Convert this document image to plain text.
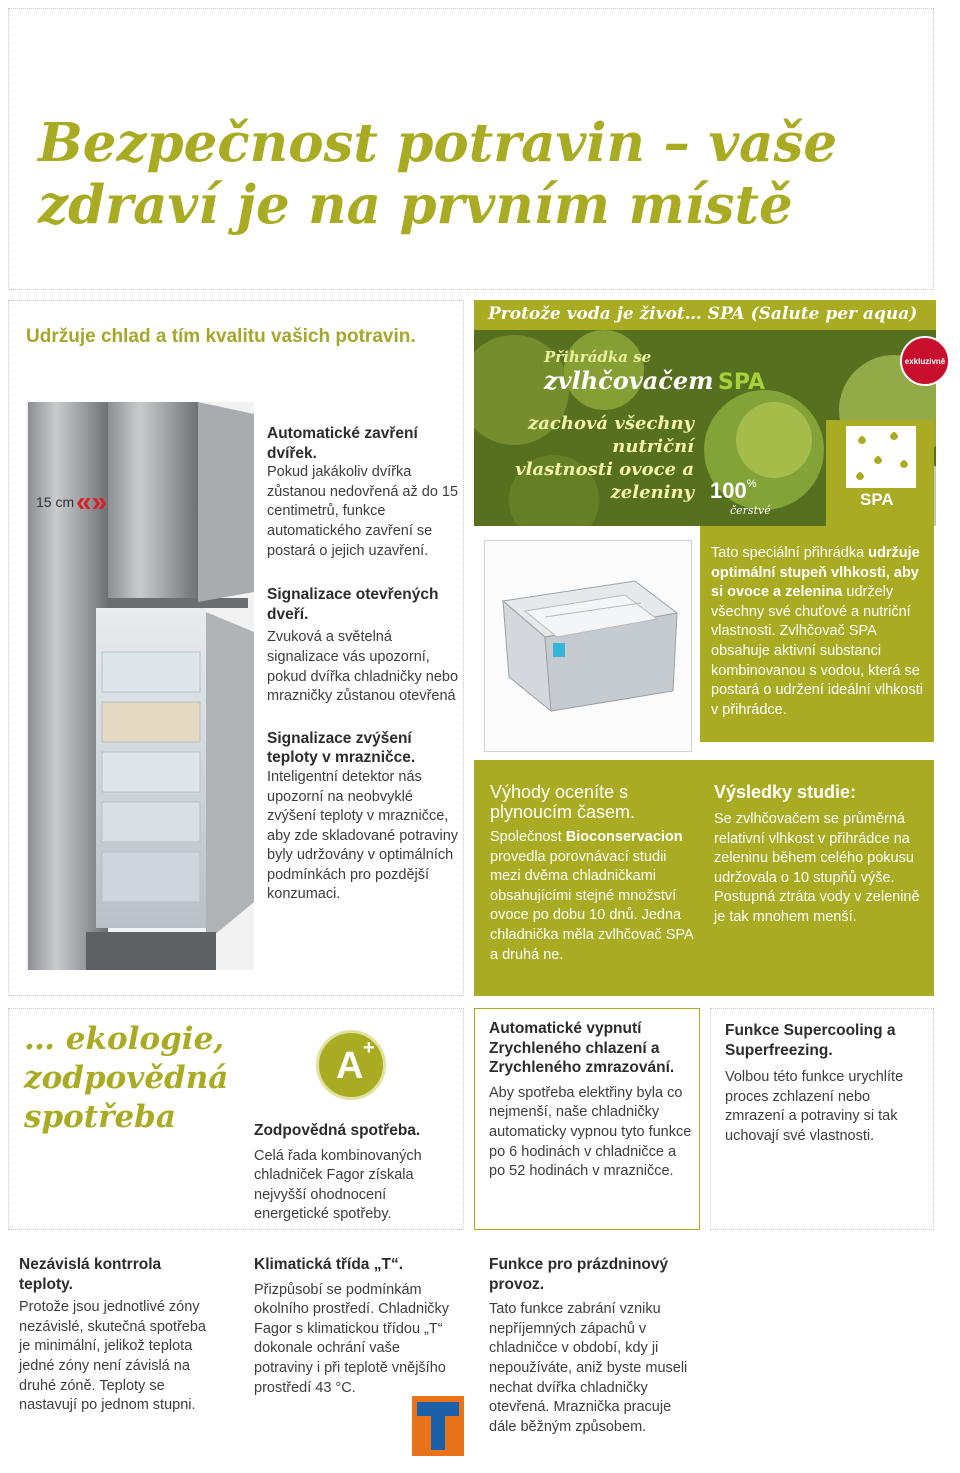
Bezpečnost potravin – vaše
zdraví je na prvním místě
Udržuje chlad a tím kvalitu vašich potravin.
15 cm «»
Automatické zavření dvířek.
Pokud jakákoliv dvířka zůstanou nedovřená až do 15 centimetrů, funkce automatického zavření se postará o jejich uzavření.
Signalizace otevřených dveří.
Zvuková a světelná signalizace vás upozorní, pokud dvířka chladničky nebo mrazničky zůstanou otevřená
Signalizace zvýšení teploty v mrazničce.
Inteligentní detektor nás upozorní na neobvyklé zvýšení teploty v mrazničce, aby zde skladované potraviny byly udržovány v optimálních podmínkách pro pozdější konzumaci.
Protože voda je život… SPA (Salute per aqua)
Přihrádka se
zvlhčovačem SPA
zachová všechny
nutriční
vlastnosti ovoce a
zeleniny 100%
čerstvé
exkluzivně
SPA
Tato speciální přihrádka udržuje optimální stupeň vlhkosti, aby si ovoce a zelenina udržely všechny své chuťové a nutriční vlastnosti. Zvlhčovač SPA obsahuje aktivní substanci kombinovanou s vodou, která se postará o udržení ideální vlhkosti v přihrádce.
Výhody oceníte s plynoucím časem.
Společnost Bioconservacion provedla porovnávací studii mezi dvěma chladničkami obsahujícími stejné množství ovoce po dobu 10 dnů. Jedna chladnička měla zvlhčovač SPA a druhá ne.
Výsledky studie:
Se zvlhčovačem se průměrná relativní vlhkost v přihrádce na zeleninu během celého pokusu udržovala o 10 stupňů výše. Postupná ztráta vody v zelenině je tak mnohem menší.
… ekologie,
zodpovědná
spotřeba
A +
Zodpovědná spotřeba.
Celá řada kombinovaných chladniček Fagor získala nejvyšší ohodnocení energetické spotřeby.
Automatické vypnutí Zrychleného chlazení a Zrychleného zmrazování.
Aby spotřeba elektřiny byla co nejmenší, naše chladničky automaticky vypnou tyto funkce po 6 hodinách v chladničce a po 52 hodinách v mrazničce.
Funkce Supercooling a Superfreezing.
Volbou této funkce urychlíte proces zchlazení nebo zmrazení a potraviny si tak uchovají své vlastnosti.
Nezávislá kontrrola teploty.
Protože jsou jednotlivé zóny nezávislé, skutečná spotřeba je minimální, jelikož teplota jedné zóny není závislá na druhé zóně. Teploty se nastavují po jednom stupni.
Klimatická třída „T“.
Přizpůsobí se podmínkám okolního prostředí. Chladničky Fagor s klimatickou třídou „T“ dokonale ochrání vaše potraviny i při teplotě vnějšího prostředí 43 °C.
Funkce pro prázdninový provoz.
Tato funkce zabrání vzniku nepříjemných zápachů v chladničce v období, kdy ji nepoužíváte, aniž byste museli nechat dvířka chladničky otevřená. Mraznička pracuje dále běžným způsobem.
